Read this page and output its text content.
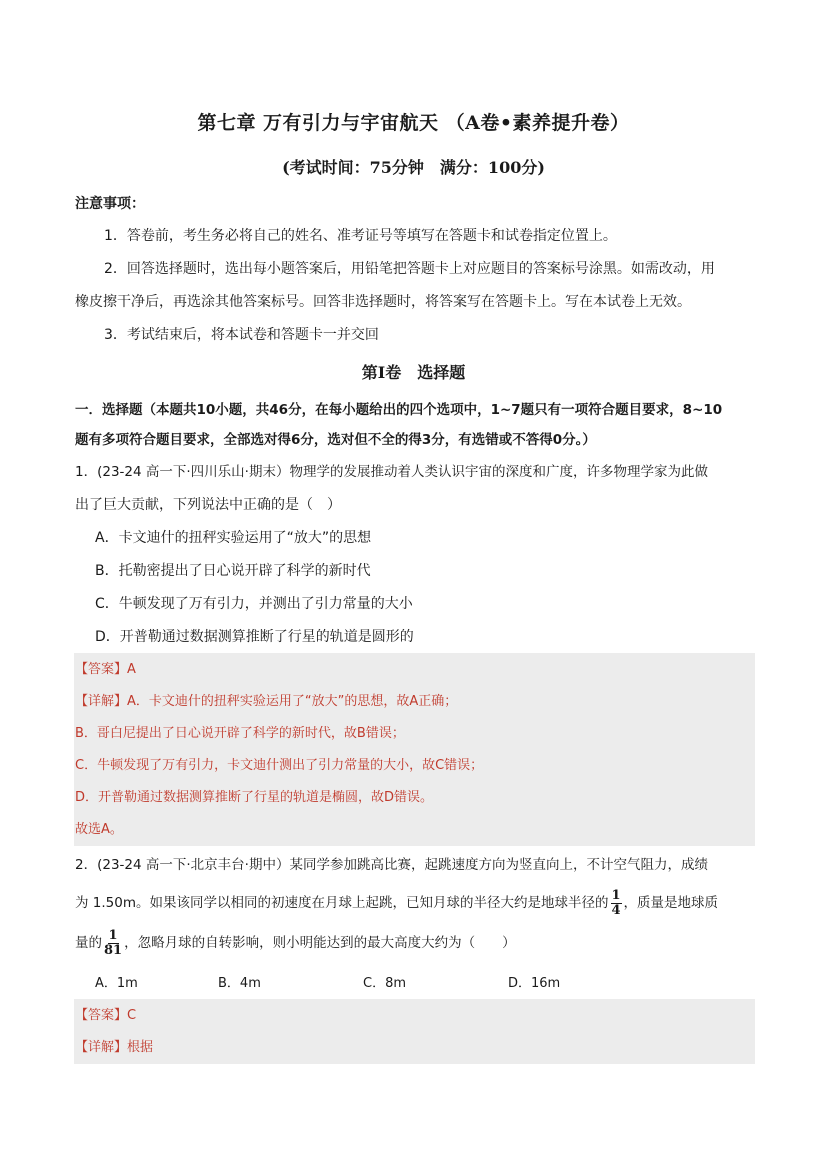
第七章 万有引力与宇宙航天 （A卷•素养提升卷）
(考试时间：75分钟　满分：100分)
注意事项：
1．答卷前，考生务必将自己的姓名、准考证号等填写在答题卡和试卷指定位置上。
2．回答选择题时，选出每小题答案后，用铅笔把答题卡上对应题目的答案标号涂黑。如需改动，用
橡皮擦干净后，再选涂其他答案标号。回答非选择题时，将答案写在答题卡上。写在本试卷上无效。
3．考试结束后，将本试卷和答题卡一并交回
第Ⅰ卷　选择题
一．选择题（本题共10小题，共46分，在每小题给出的四个选项中，1~7题只有一项符合题目要求，8~10
题有多项符合题目要求，全部选对得6分，选对但不全的得3分，有选错或不答得0分。）
1．(23-24 高一下·四川乐山·期末）物理学的发展推动着人类认识宇宙的深度和广度，许多物理学家为此做
出了巨大贡献，下列说法中正确的是（　）
A．卡文迪什的扭秤实验运用了“放大”的思想
B．托勒密提出了日心说开辟了科学的新时代
C．牛顿发现了万有引力，并测出了引力常量的大小
D．开普勒通过数据测算推断了行星的轨道是圆形的
【答案】A
【详解】A．卡文迪什的扭秤实验运用了“放大”的思想，故A正确；
B．哥白尼提出了日心说开辟了科学的新时代，故B错误；
C．牛顿发现了万有引力，卡文迪什测出了引力常量的大小，故C错误；
D．开普勒通过数据测算推断了行星的轨道是椭圆，故D错误。
故选A。
2．(23-24 高一下·北京丰台·期中）某同学参加跳高比赛，起跳速度方向为竖直向上，不计空气阻力，成绩
为 1.50m。如果该同学以相同的初速度在月球上起跳，已知月球的半径大约是地球半径的 $\frac{1}{4}$ ，质量是地球质
量的 $\frac{1}{81}$ ，忽略月球的自转影响，则小明能达到的最大高度大约为（　　）
A．1m	B．4m	C．8m	D．16m
【答案】C
【详解】根据
